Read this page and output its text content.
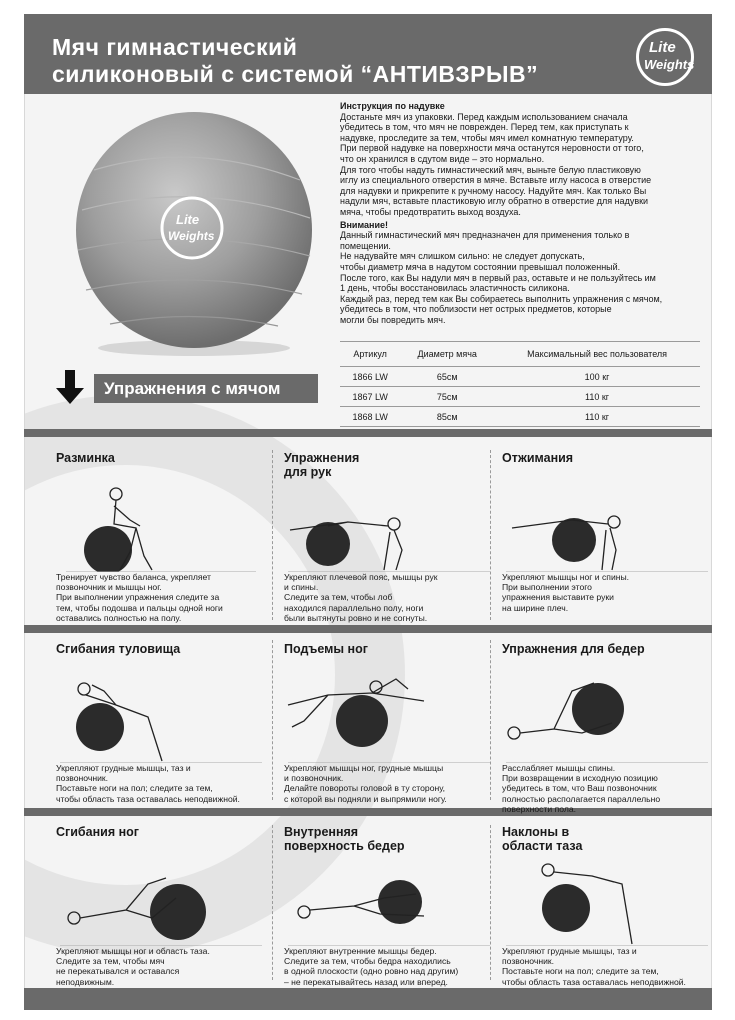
Мяч гимнастический
силиконовый с системой “АНТИВЗРЫВ”
Lite
Weights
Lite
Weights

Инструкция по надувке

Достаньте мяч из упаковки. Перед каждым использованием сначала

убедитесь в том, что мяч не поврежден. Перед тем, как приступать к

надувке, проследите за тем, чтобы мяч имел комнатную температуру.

При первой надувке на поверхности мяча останутся неровности от того,

что он хранился в сдутом виде – это нормально.

Для того чтобы надуть гимнастический мяч, выньте белую пластиковую

иглу из специального отверстия в мяче. Вставьте иглу насоса в отверстие

для надувки и прикрепите к ручному насосу. Надуйте мяч. Как только Вы

надули мяч, вставьте пластиковую иглу обратно в отверстие для надувки

мяча, чтобы предотвратить выход воздуха.

Внимание!

Данный гимнастический мяч предназначен для применения только в

помещении.

Не надувайте мяч слишком сильно: не следует допускать,

чтобы диаметр мяча в надутом состоянии превышал положенный.

После того, как Вы надули мяч в первый раз, оставьте и не пользуйтесь им

1 день, чтобы восстановилась эластичность силикона.

Каждый раз, перед тем как Вы собираетесь выполнить упражнения с мячом,

убедитесь в том, что поблизости нет острых предметов, которые

могли бы повредить мяч.

Артикул	Диаметр мяча	Максимальный вес пользователя
1866 LW	65см	100 кг
1867 LW	75см	110 кг
1868 LW	85см	110 кг
Упражнения с мячом
Разминка
Тренирует чувство баланса, укрепляет
позвоночник и мышцы ног.
При выполнении упражнения следите за
тем, чтобы подошва и пальцы одной ноги
оставались полностью на полу.
Упражнения
для рук
Укрепляют плечевой пояс, мышцы рук
и спины.
Следите за тем, чтобы лоб
находился параллельно полу, ноги
были вытянуты ровно и не согнуты.
Отжимания
Укрепляют мышцы ног и спины.
При выполнении этого
упражнения выставите руки
на ширине плеч.
Сгибания туловища
Укрепляют грудные мышцы, таз и
позвоночник.
Поставьте ноги на пол; следите за тем,
чтобы область таза оставалась неподвижной.
Подъемы ног
Укрепляют мышцы ног, грудные мышцы
и позвоночник.
Делайте повороты головой в ту сторону,
с которой вы подняли и выпрямили ногу.
Упражнения для бедер
Расслабляет мышцы спины.
При возвращении в исходную позицию
убедитесь в том, что Ваш позвоночник
полностью располагается параллельно
поверхности пола.
Сгибания ног
Укрепляют мышцы ног и область таза.
Следите за тем, чтобы мяч
не перекатывался и оставался
неподвижным.
Внутренняя
поверхность бедер
Укрепляют внутренние мышцы бедер.
Следите за тем, чтобы бедра находились
в одной плоскости (одно ровно над другим)
– не перекатывайтесь назад или вперед.
Наклоны в
области таза
Укрепляют грудные мышцы, таз и
позвоночник.
Поставьте ноги на пол; следите за тем,
чтобы область таза оставалась неподвижной.
